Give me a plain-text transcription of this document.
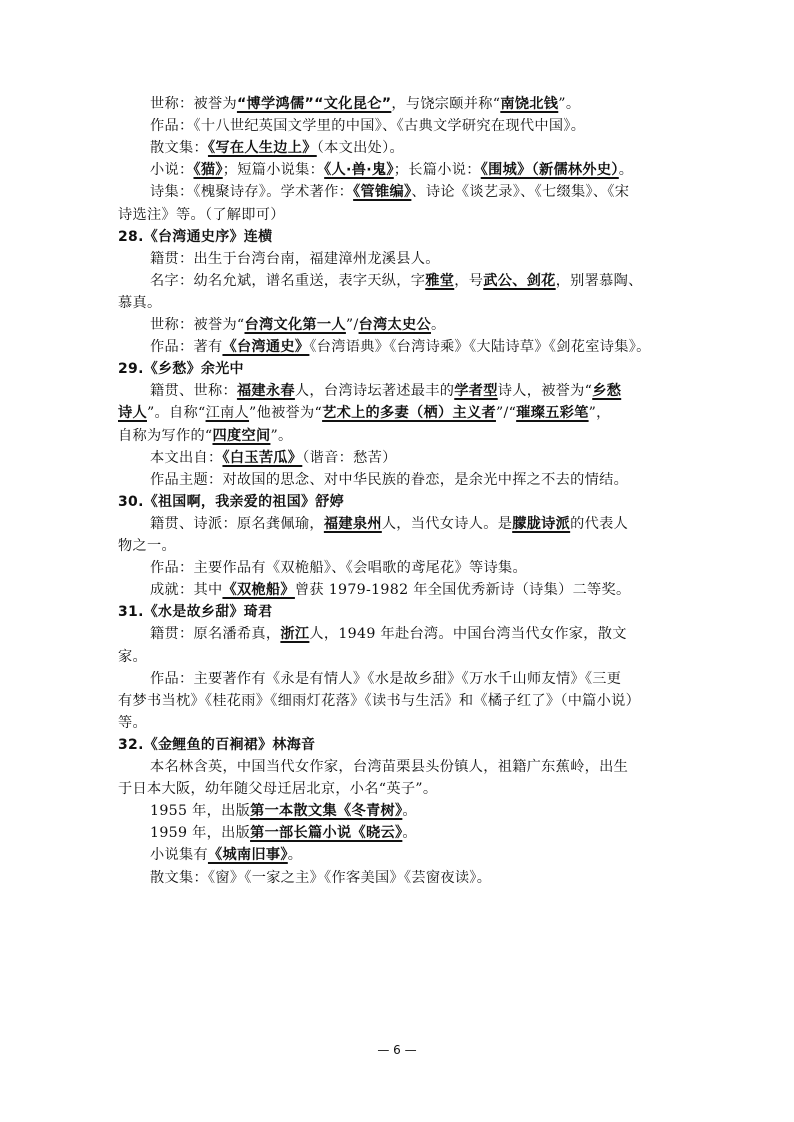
世称：被誉为“博学鸿儒”“文化昆仑”，与饶宗颐并称“南饶北钱”。
作品：《十八世纪英国文学里的中国》、《古典文学研究在现代中国》。
散文集：《写在人生边上》（本文出处）。
小说：《猫》；短篇小说集：《人·兽·鬼》；长篇小说：《围城》（新儒林外史）。
诗集：《槐聚诗存》。学术著作：《管锥编》、诗论《谈艺录》、《七缀集》、《宋
诗选注》等。（了解即可）
28.《台湾通史序》连横
籍贯：出生于台湾台南，福建漳州龙溪县人。
名字：幼名允斌，谱名重送，表字天纵，字雅堂，号武公、剑花，别署慕陶、
慕真。
世称：被誉为“台湾文化第一人”/台湾太史公。
作品：著有《台湾通史》《台湾语典》《台湾诗乘》《大陆诗草》《剑花室诗集》。
29.《乡愁》余光中
籍贯、世称：福建永春人，台湾诗坛著述最丰的学者型诗人，被誉为“乡愁
诗人”。自称“江南人”他被誉为“艺术上的多妻（栖）主义者”/“璀璨五彩笔”，
自称为写作的“四度空间”。
本文出自：《白玉苦瓜》（谐音：愁苦）
作品主题：对故国的思念、对中华民族的眷恋，是余光中挥之不去的情结。
30.《祖国啊，我亲爱的祖国》舒婷
籍贯、诗派：原名龚佩瑜，福建泉州人，当代女诗人。是朦胧诗派的代表人
物之一。
作品：主要作品有《双桅船》、《会唱歌的鸢尾花》等诗集。
成就：其中《双桅船》曾获 1979-1982 年全国优秀新诗（诗集）二等奖。
31.《水是故乡甜》琦君
籍贯：原名潘希真，浙江人，1949 年赴台湾。中国台湾当代女作家，散文
家。
作品：主要著作有《永是有情人》《水是故乡甜》《万水千山师友情》《三更
有梦书当枕》《桂花雨》《细雨灯花落》《读书与生活》和《橘子红了》（中篇小说）
等。
32.《金鲤鱼的百裥裙》林海音
本名林含英，中国当代女作家，台湾苗栗县头份镇人，祖籍广东蕉岭，出生
于日本大阪，幼年随父母迁居北京，小名“英子”。
1955 年，出版第一本散文集《冬青树》。
1959 年，出版第一部长篇小说《晓云》。
小说集有《城南旧事》。
散文集：《窗》《一家之主》《作客美国》《芸窗夜读》。
— 6 —
